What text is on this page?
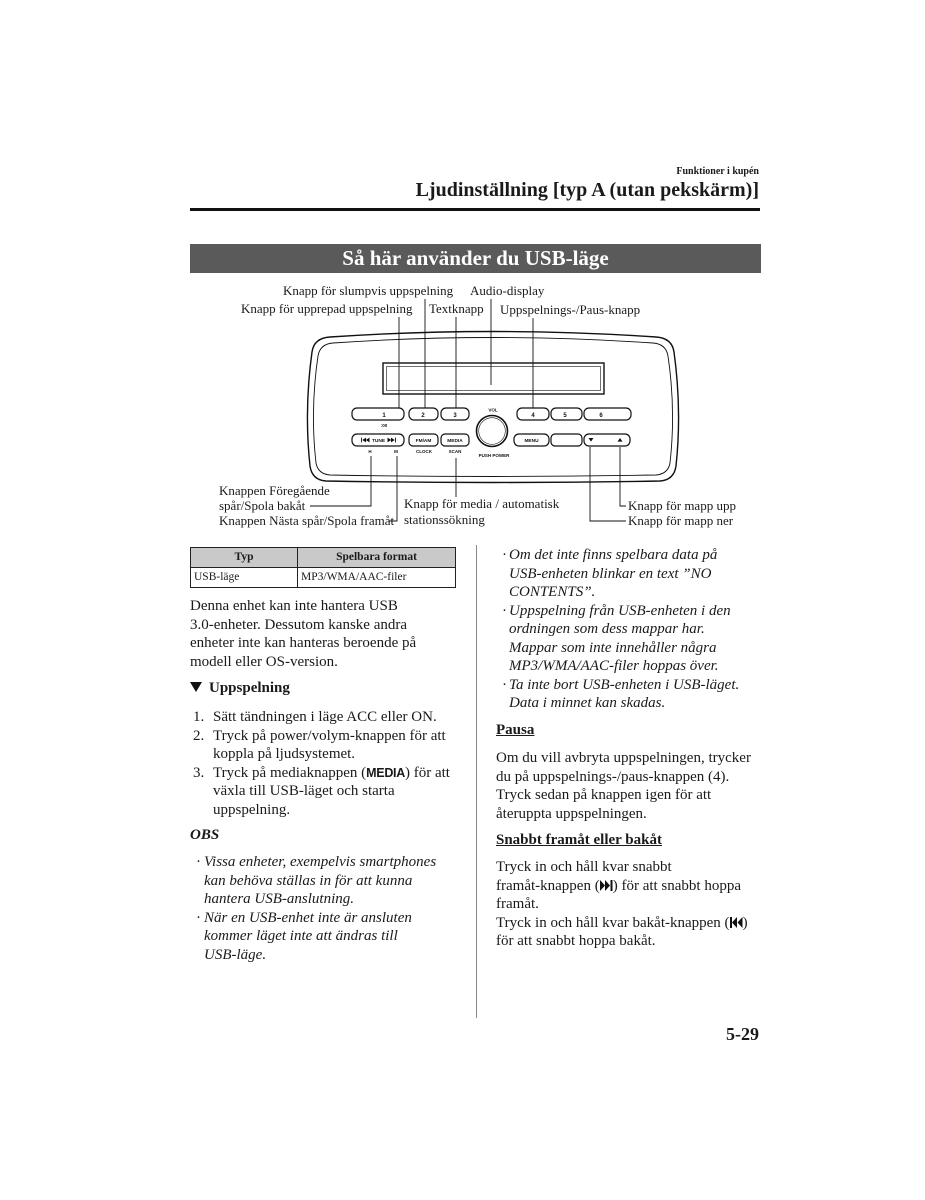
Funktioner i kupén
Ljudinställning [typ A (utan pekskärm)]
Så här använder du USB-läge
Knapp för slumpvis uppspelning Audio-display
Knapp för upprepad uppspelning Textknapp Uppspelnings-/Paus-knapp
Knappen Föregående
spår/Spola bakåt
Knappen Nästa spår/Spola framåt
Knapp för media / automatisk
stationssökning
Knapp för mapp upp
Knapp för mapp ner
1	2	3	4	5	6
:00
VOL
TUNE	FM/AM	MEDIA	MENU
H	M	CLOCK	SCAN
PUSH POWER
Typ	Spelbara format
USB-läge	MP3/WMA/AAC-filer
Denna enhet kan inte hantera USB
3.0-enheter. Dessutom kanske andra
enheter inte kan hanteras beroende på
modell eller OS-version.
Uppspelning
1. Sätt tändningen i läge ACC eller ON.
2. Tryck på power/volym-knappen för att
koppla på ljudsystemet.
3. Tryck på mediaknappen (MEDIA) för att
växla till USB-läget och starta
uppspelning.
OBS
· Vissa enheter, exempelvis smartphones
kan behöva ställas in för att kunna
hantera USB-anslutning.
· När en USB-enhet inte är ansluten
kommer läget inte att ändras till
USB-läge.
· Om det inte finns spelbara data på
USB-enheten blinkar en text ”NO
CONTENTS”.
· Uppspelning från USB-enheten i den
ordningen som dess mappar har.
Mappar som inte innehåller några
MP3/WMA/AAC-filer hoppas över.
· Ta inte bort USB-enheten i USB-läget.
Data i minnet kan skadas.
Pausa
Om du vill avbryta uppspelningen, trycker
du på uppspelnings-/paus-knappen (4).
Tryck sedan på knappen igen för att
återuppta uppspelningen.
Snabbt framåt eller bakåt
Tryck in och håll kvar snabbt
framåt-knappen ( ) för att snabbt hoppa
framåt.
Tryck in och håll kvar bakåt-knappen ( )
för att snabbt hoppa bakåt.
5-29
